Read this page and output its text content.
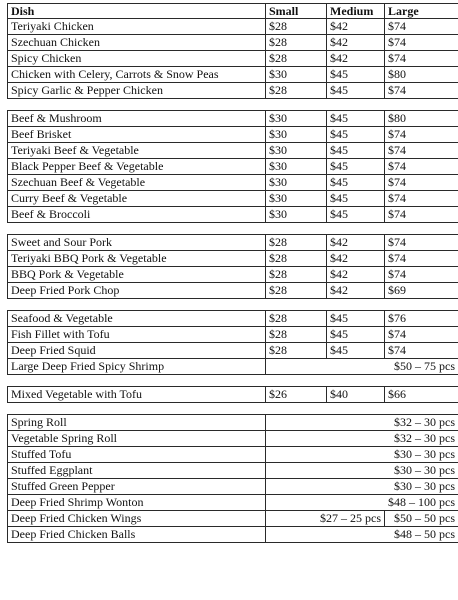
Dish	Small	Medium	Large
Teriyaki Chicken	$28	$42	$74
Szechuan Chicken	$28	$42	$74
Spicy Chicken	$28	$42	$74
Chicken with Celery, Carrots & Snow Peas	$30	$45	$80
Spicy Garlic & Pepper Chicken	$28	$45	$74

Beef & Mushroom	$30	$45	$80
Beef Brisket	$30	$45	$74
Teriyaki Beef & Vegetable	$30	$45	$74
Black Pepper Beef & Vegetable	$30	$45	$74
Szechuan Beef & Vegetable	$30	$45	$74
Curry Beef & Vegetable	$30	$45	$74
Beef & Broccoli	$30	$45	$74

Sweet and Sour Pork	$28	$42	$74
Teriyaki BBQ Pork & Vegetable	$28	$42	$74
BBQ Pork & Vegetable	$28	$42	$74
Deep Fried Pork Chop	$28	$42	$69

Seafood & Vegetable	$28	$45	$76
Fish Fillet with Tofu	$28	$45	$74
Deep Fried Squid	$28	$45	$74
Large Deep Fried Spicy Shrimp	$50 – 75 pcs		

Mixed Vegetable with Tofu	$26	$40	$66

Spring Roll	$32 – 30 pcs		
Vegetable Spring Roll	$32 – 30 pcs		
Stuffed Tofu	$30 – 30 pcs		
Stuffed Eggplant	$30 – 30 pcs		
Stuffed Green Pepper	$30 – 30 pcs		
Deep Fried Shrimp Wonton	$48 – 100 pcs		
Deep Fried Chicken Wings	$27 – 25 pcs		$50 – 50 pcs
Deep Fried Chicken Balls	$48 – 50 pcs		
